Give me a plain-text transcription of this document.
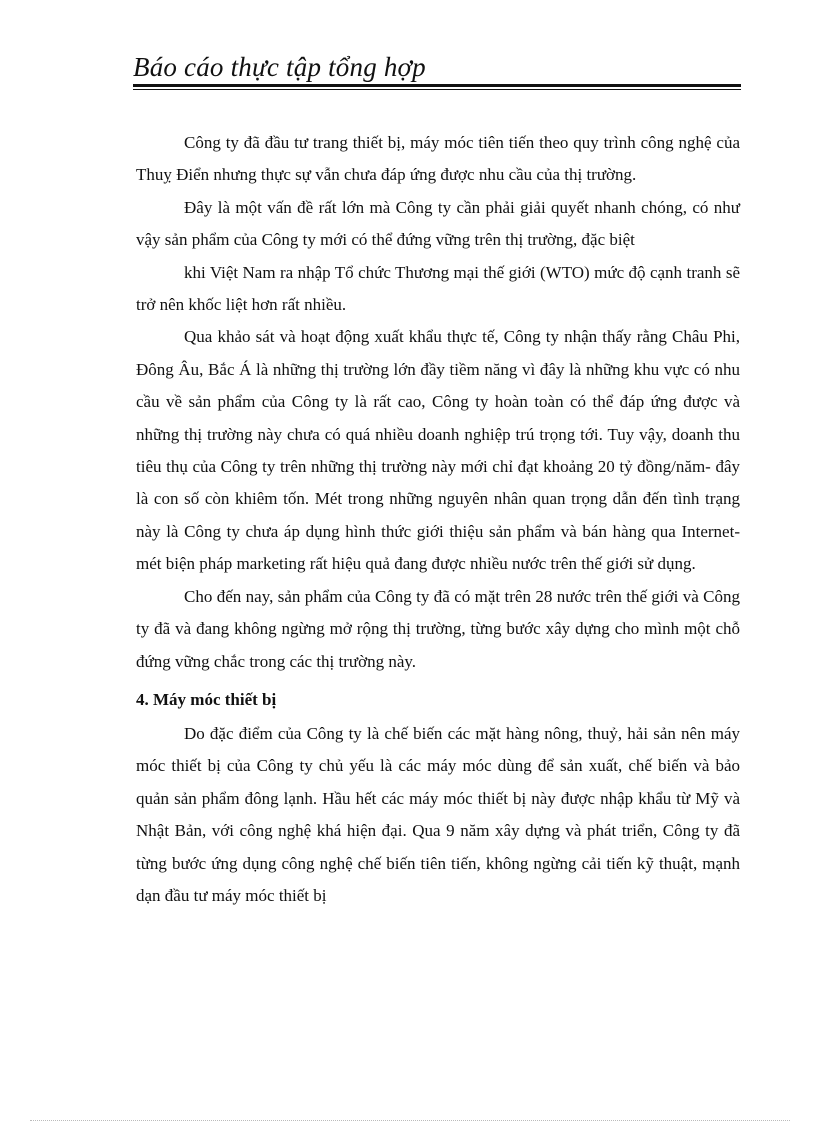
Báo cáo thực tập tổng hợp

Công ty đã đầu tư trang thiết bị, máy móc tiên tiến theo quy trình công nghệ của Thuỵ Điển nhưng thực sự vẫn chưa đáp ứng được nhu cầu của thị trường.

Đây là một vấn đề rất lớn mà Công ty cần phải giải quyết nhanh chóng, có như vậy sản phẩm của Công ty mới có thể đứng vững trên thị trường, đặc biệt

khi Việt Nam ra nhập Tổ chức Thương mại thế giới (WTO) mức độ cạnh tranh sẽ trở nên khốc liệt hơn rất nhiều.

Qua khảo sát và hoạt động xuất khẩu thực tế, Công ty nhận thấy rằng Châu Phi, Đông Âu, Bắc Á là những thị trường lớn đầy tiềm năng vì đây là những khu vực có nhu cầu về sản phẩm của Công ty là rất cao, Công ty hoàn toàn có thể đáp ứng được và những thị trường này chưa có quá nhiều doanh nghiệp trú trọng tới. Tuy vậy, doanh thu tiêu thụ của Công ty trên những thị trường này mới chỉ đạt khoảng 20 tỷ đồng/năm- đây là con số còn khiêm tốn. Mét trong những nguyên nhân quan trọng dẫn đến tình trạng này là Công ty chưa áp dụng hình thức giới thiệu sản phẩm và bán hàng qua Internet- mét biện pháp marketing rất hiệu quả đang được nhiều nước trên thế giới sử dụng.

Cho đến nay, sản phẩm của Công ty đã có mặt trên 28 nước trên thế giới và Công ty đã và đang không ngừng mở rộng thị trường, từng bước xây dựng cho mình một chỗ đứng vững chắc trong các thị trường này.

4. Máy móc thiết bị

Do đặc điểm của Công ty là chế biến các mặt hàng nông, thuỷ, hải sản nên máy móc thiết bị của Công ty chủ yếu là các máy móc dùng để sản xuất, chế biến và bảo quản sản phẩm đông lạnh. Hầu hết các máy móc thiết bị này được nhập khẩu từ Mỹ và Nhật Bản, với công nghệ khá hiện đại. Qua 9 năm xây dựng và phát triển, Công ty đã từng bước ứng dụng công nghệ chế biến tiên tiến, không ngừng cải tiến kỹ thuật, mạnh dạn đầu tư máy móc thiết bị
